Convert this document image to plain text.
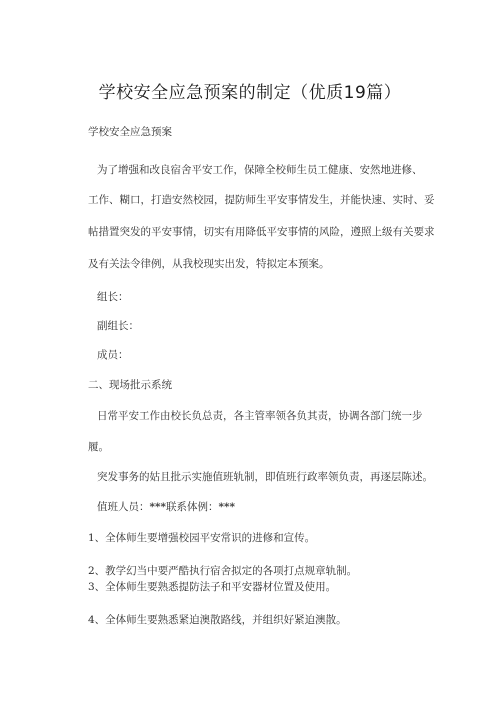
学校安全应急预案的制定（优质19篇）
学校安全应急预案
为了增强和改良宿舍平安工作，保障全校师生员工健康、安然地进修、
工作、糊口，打造安然校园，提防师生平安事情发生，并能快速、实时、妥
帖措置突发的平安事情，切实有用降低平安事情的风险，遵照上级有关要求
及有关法令律例，从我校现实出发，特拟定本预案。
组长：
副组长：
成员：
二、现场批示系统
日常平安工作由校长负总责，各主管率领各负其责，协调各部门统一步
履。
突发事务的姑且批示实施值班轨制，即值班行政率领负责，再逐层陈述。
值班人员：***联系体例：***
1、全体师生要增强校园平安常识的进修和宣传。
2、教学幻当中要严酷执行宿舍拟定的各项打点规章轨制。
3、全体师生要熟悉提防法子和平安器材位置及使用。
4、全体师生要熟悉紧迫澳散路线，并组织好紧迫澳散。
